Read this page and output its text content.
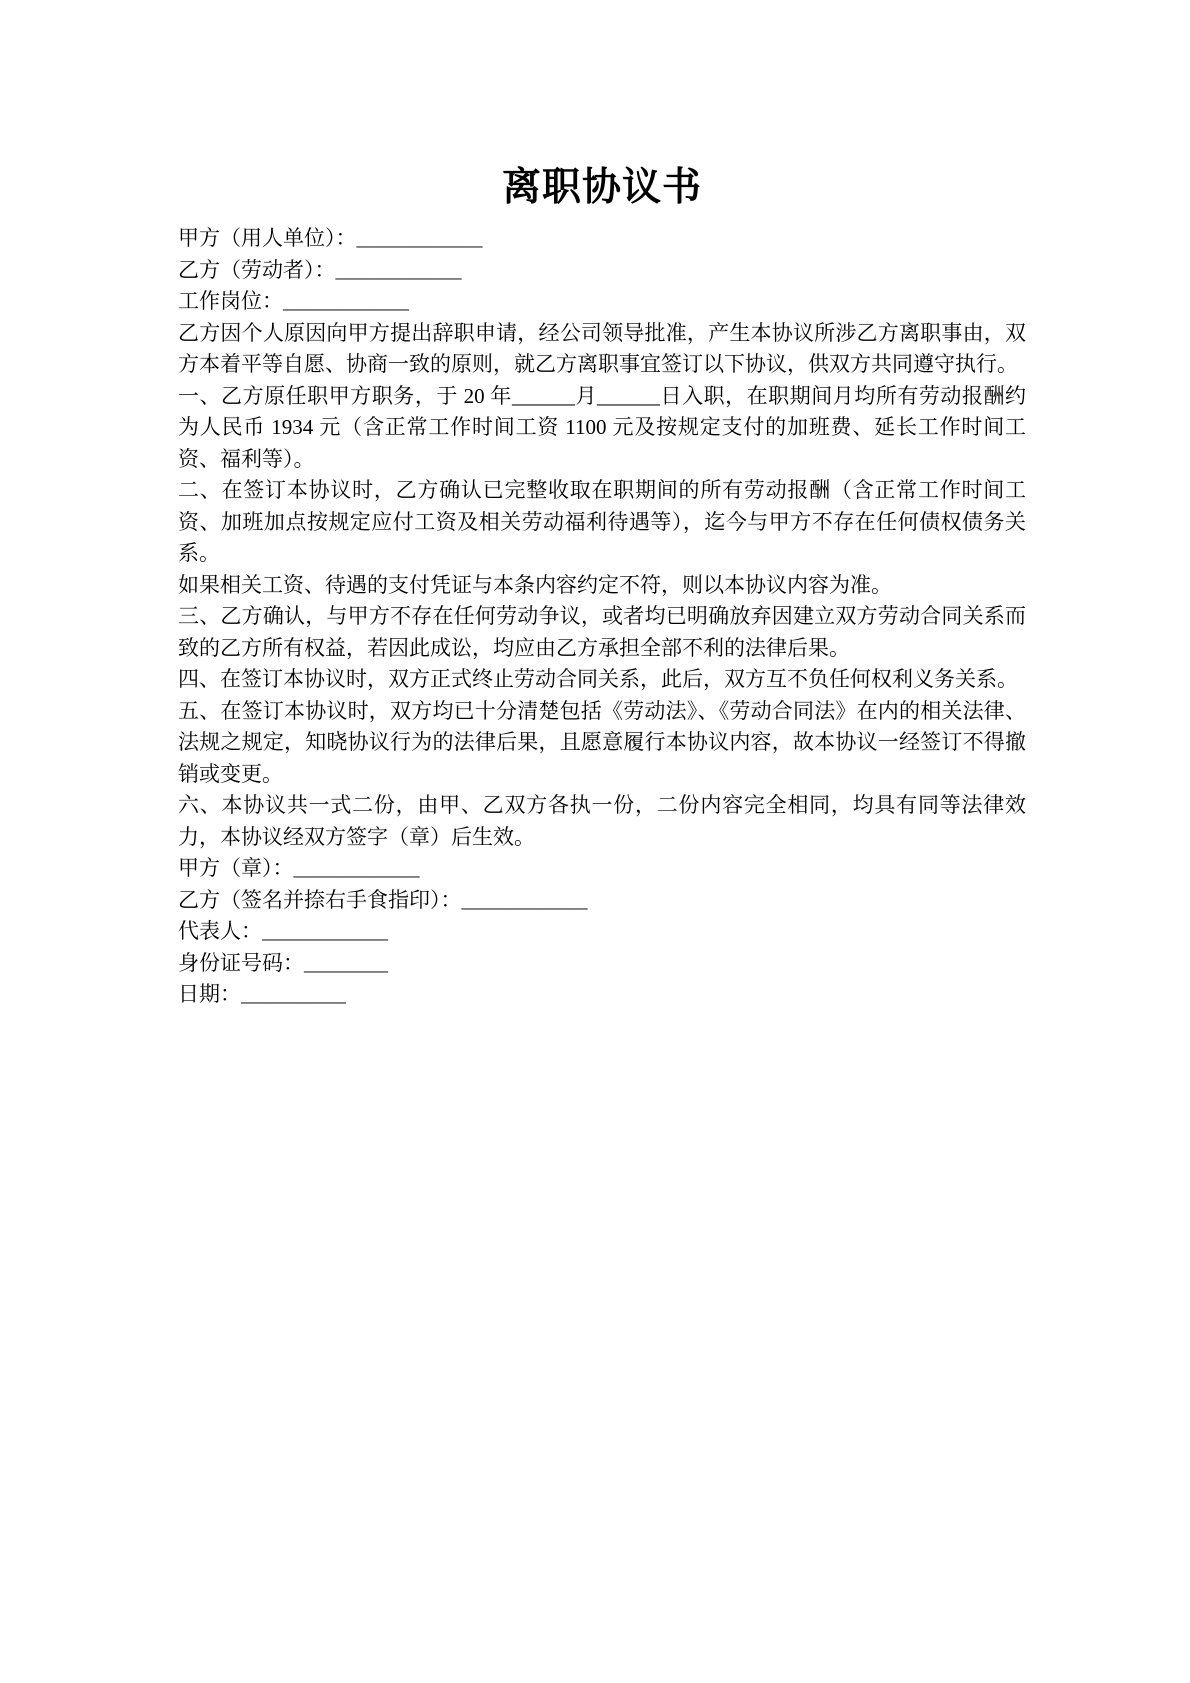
离职协议书

甲方（用人单位）：____________

乙方（劳动者）：____________

工作岗位：____________

乙方因个人原因向甲方提出辞职申请，经公司领导批准，产生本协议所涉乙方离职事由，双方本着平等自愿、协商一致的原则，就乙方离职事宜签订以下协议，供双方共同遵守执行。

一、乙方原任职甲方职务，于 20 年______月______日入职，在职期间月均所有劳动报酬约为人民币 1934 元（含正常工作时间工资 1100 元及按规定支付的加班费、延长工作时间工资、福利等）。

二、在签订本协议时，乙方确认已完整收取在职期间的所有劳动报酬（含正常工作时间工资、加班加点按规定应付工资及相关劳动福利待遇等），迄今与甲方不存在任何债权债务关系。

如果相关工资、待遇的支付凭证与本条内容约定不符，则以本协议内容为准。

三、乙方确认，与甲方不存在任何劳动争议，或者均已明确放弃因建立双方劳动合同关系而致的乙方所有权益，若因此成讼，均应由乙方承担全部不利的法律后果。

四、在签订本协议时，双方正式终止劳动合同关系，此后，双方互不负任何权利义务关系。

五、在签订本协议时，双方均已十分清楚包括《劳动法》、《劳动合同法》在内的相关法律、法规之规定，知晓协议行为的法律后果，且愿意履行本协议内容，故本协议一经签订不得撤销或变更。

六、本协议共一式二份，由甲、乙双方各执一份，二份内容完全相同，均具有同等法律效力，本协议经双方签字（章）后生效。

甲方（章）：____________

乙方（签名并捺右手食指印）：____________

代表人：____________

身份证号码：________

日期：__________
